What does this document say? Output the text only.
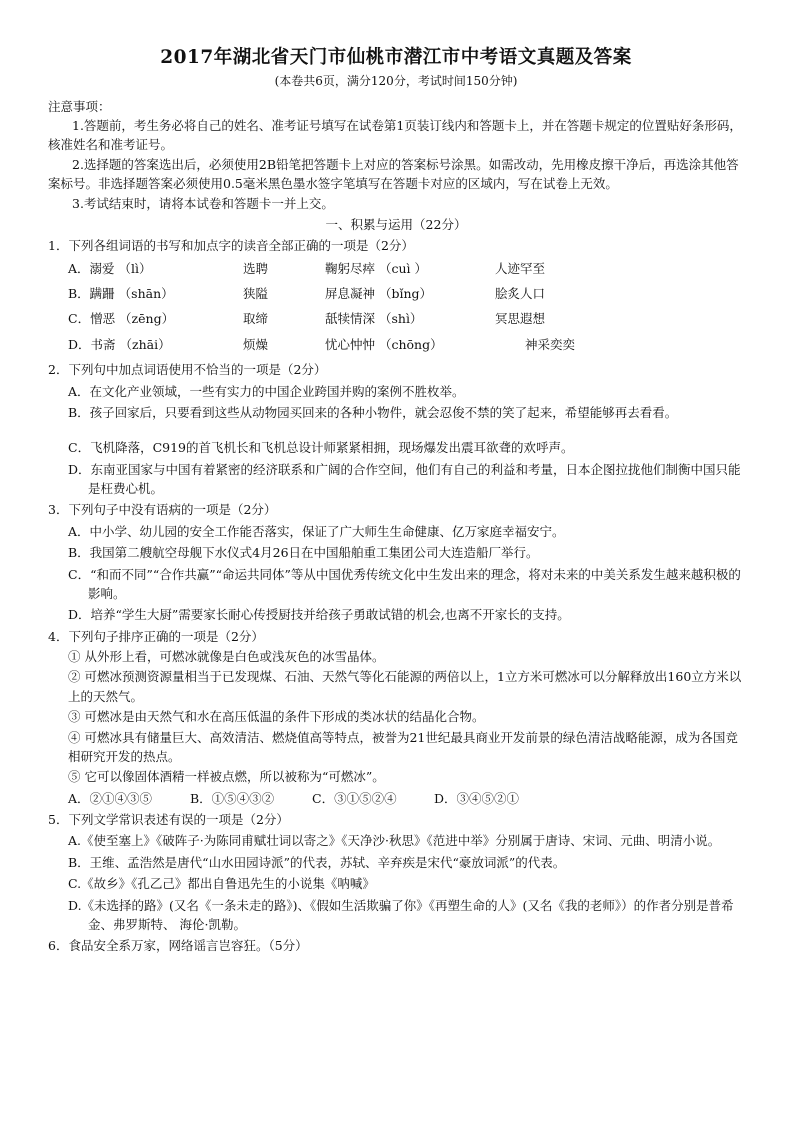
2017年湖北省天门市仙桃市潜江市中考语文真题及答案
(本卷共6页，满分120分，考试时间150分钟)

注意事项：

1.答题前，考生务必将自己的姓名、准考证号填写在试卷第1页装订线内和答题卡上，并在答题卡规定的位置贴好条形码，核准姓名和准考证号。

2.选择题的答案选出后，必须使用2B铅笔把答题卡上对应的答案标号涂黑。如需改动，先用橡皮擦干净后，再选涂其他答案标号。非选择题答案必须使用0.5毫米黑色墨水签字笔填写在答题卡对应的区域内，写在试卷上无效。

3.考试结束时，请将本试卷和答题卡一并上交。

一、积累与运用（22分）

1．下列各组词语的书写和加点字的读音全部正确的一项是（2分）

A．溺爱 （lì）	选聘	鞠躬尽瘁 （cuì ）	人迹罕至
B．蹒跚 （shān）	狭隘	屏息凝神 （bǐng）	脍炙人口
C．憎恶 （zēng）	取缔	舐犊情深 （shì）	冥思遐想
D．书斋 （zhāi）	烦燥	忧心忡忡 （chōng）	神采奕奕

2．下列句中加点词语使用不恰当的一项是（2分）

A．在文化产业领域，一些有实力的中国企业跨国并购的案例不胜枚举。

B．孩子回家后，只要看到这些从动物园买回来的各种小物件，就会忍俊不禁的笑了起来，希望能够再去看看。

C．飞机降落，C919的首飞机长和飞机总设计师紧紧相拥，现场爆发出震耳欲聋的欢呼声。

D．东南亚国家与中国有着紧密的经济联系和广阔的合作空间，他们有自己的利益和考量，日本企图拉拢他们制衡中国只能是枉费心机。

3．下列句子中没有语病的一项是（2分）

A．中小学、幼儿园的安全工作能否落实，保证了广大师生生命健康、亿万家庭幸福安宁。

B．我国第二艘航空母舰下水仪式4月26日在中国船舶重工集团公司大连造船厂举行。

C．“和而不同”“合作共赢”“命运共同体”等从中国优秀传统文化中生发出来的理念，将对未来的中美关系发生越来越积极的影响。

D．培养“学生大厨”需要家长耐心传授厨技并给孩子勇敢试错的机会,也离不开家长的支持。

4．下列句子排序正确的一项是（2分）

① 从外形上看，可燃冰就像是白色或浅灰色的冰雪晶体。

② 可燃冰预测资源量相当于已发现煤、石油、天然气等化石能源的两倍以上，1立方米可燃冰可以分解释放出160立方米以上的天然气。

③ 可燃冰是由天然气和水在高压低温的条件下形成的类冰状的结晶化合物。

④ 可燃冰具有储量巨大、高效清洁、燃烧值高等特点，被誉为21世纪最具商业开发前景的绿色清洁战略能源，成为各国竞相研究开发的热点。

⑤ 它可以像固体酒精一样被点燃，所以被称为“可燃冰”。

A．②①④③⑤	B．①⑤④③②	C．③①⑤②④	D．③④⑤②①

5．下列文学常识表述有误的一项是（2分）

A.《使至塞上》《破阵子·为陈同甫赋壮词以寄之》《天净沙·秋思》《范进中举》分别属于唐诗、宋词、元曲、明清小说。

B．王维、孟浩然是唐代“山水田园诗派”的代表，苏轼、辛弃疾是宋代“豪放词派”的代表。

C.《故乡》《孔乙己》都出自鲁迅先生的小说集《呐喊》

D.《未选择的路》(又名《一条未走的路》)、《假如生活欺骗了你》《再塑生命的人》(又名《我的老师》）的作者分别是普希金、弗罗斯特、 海伦·凯勒。

6．食品安全系万家，网络谣言岂容狂。（5分）
